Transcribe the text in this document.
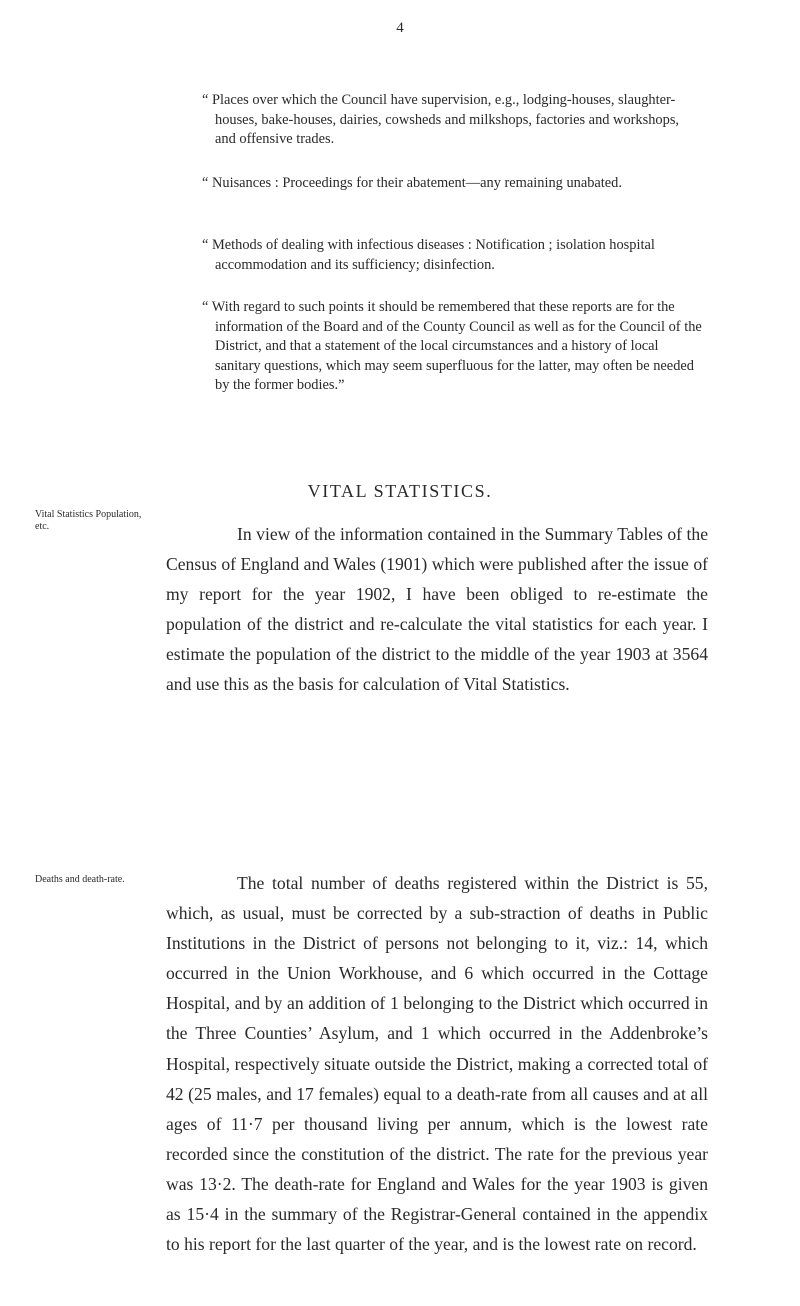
4

“ Places over which the Council have supervision, e.g., lodging-houses, slaughter-houses, bake-houses, dairies, cowsheds and milkshops, factories and workshops, and offensive trades.

“ Nuisances : Proceedings for their abatement—any remaining unabated.

“ Methods of dealing with infectious diseases : Notification ; isolation hospital accommodation and its sufficiency; disinfection.

“ With regard to such points it should be remembered that these reports are for the information of the Board and of the County Council as well as for the Council of the District, and that a statement of the local circumstances and a history of local sanitary questions, which may seem superfluous for the latter, may often be needed by the former bodies.”

VITAL STATISTICS.
Vital Statistics Population, etc.	In view of the information contained in the Summary Tables of the Census of England and Wales (1901) which were published after the issue of my report for the year 1902, I have been obliged to re-estimate the population of the district and re-calculate the vital statistics for each year. I estimate the population of the district to the middle of the year 1903 at 3564 and use this as the basis for calculation of Vital Statistics.

Deaths and death-rate.	The total number of deaths registered within the District is 55, which, as usual, must be corrected by a sub-straction of deaths in Public Institutions in the District of persons not belonging to it, viz.: 14, which occurred in the Union Workhouse, and 6 which occurred in the Cottage Hospital, and by an addition of 1 belonging to the District which occurred in the Three Counties’ Asylum, and 1 which occurred in the Addenbroke’s Hospital, respectively situate outside the District, making a corrected total of 42 (25 males, and 17 females) equal to a death-rate from all causes and at all ages of 11·7 per thousand living per annum, which is the lowest rate recorded since the constitution of the district. The rate for the previous year was 13·2. The death-rate for England and Wales for the year 1903 is given as 15·4 in the summary of the Registrar-General contained in the appendix to his report for the last quarter of the year, and is the lowest rate on record.
